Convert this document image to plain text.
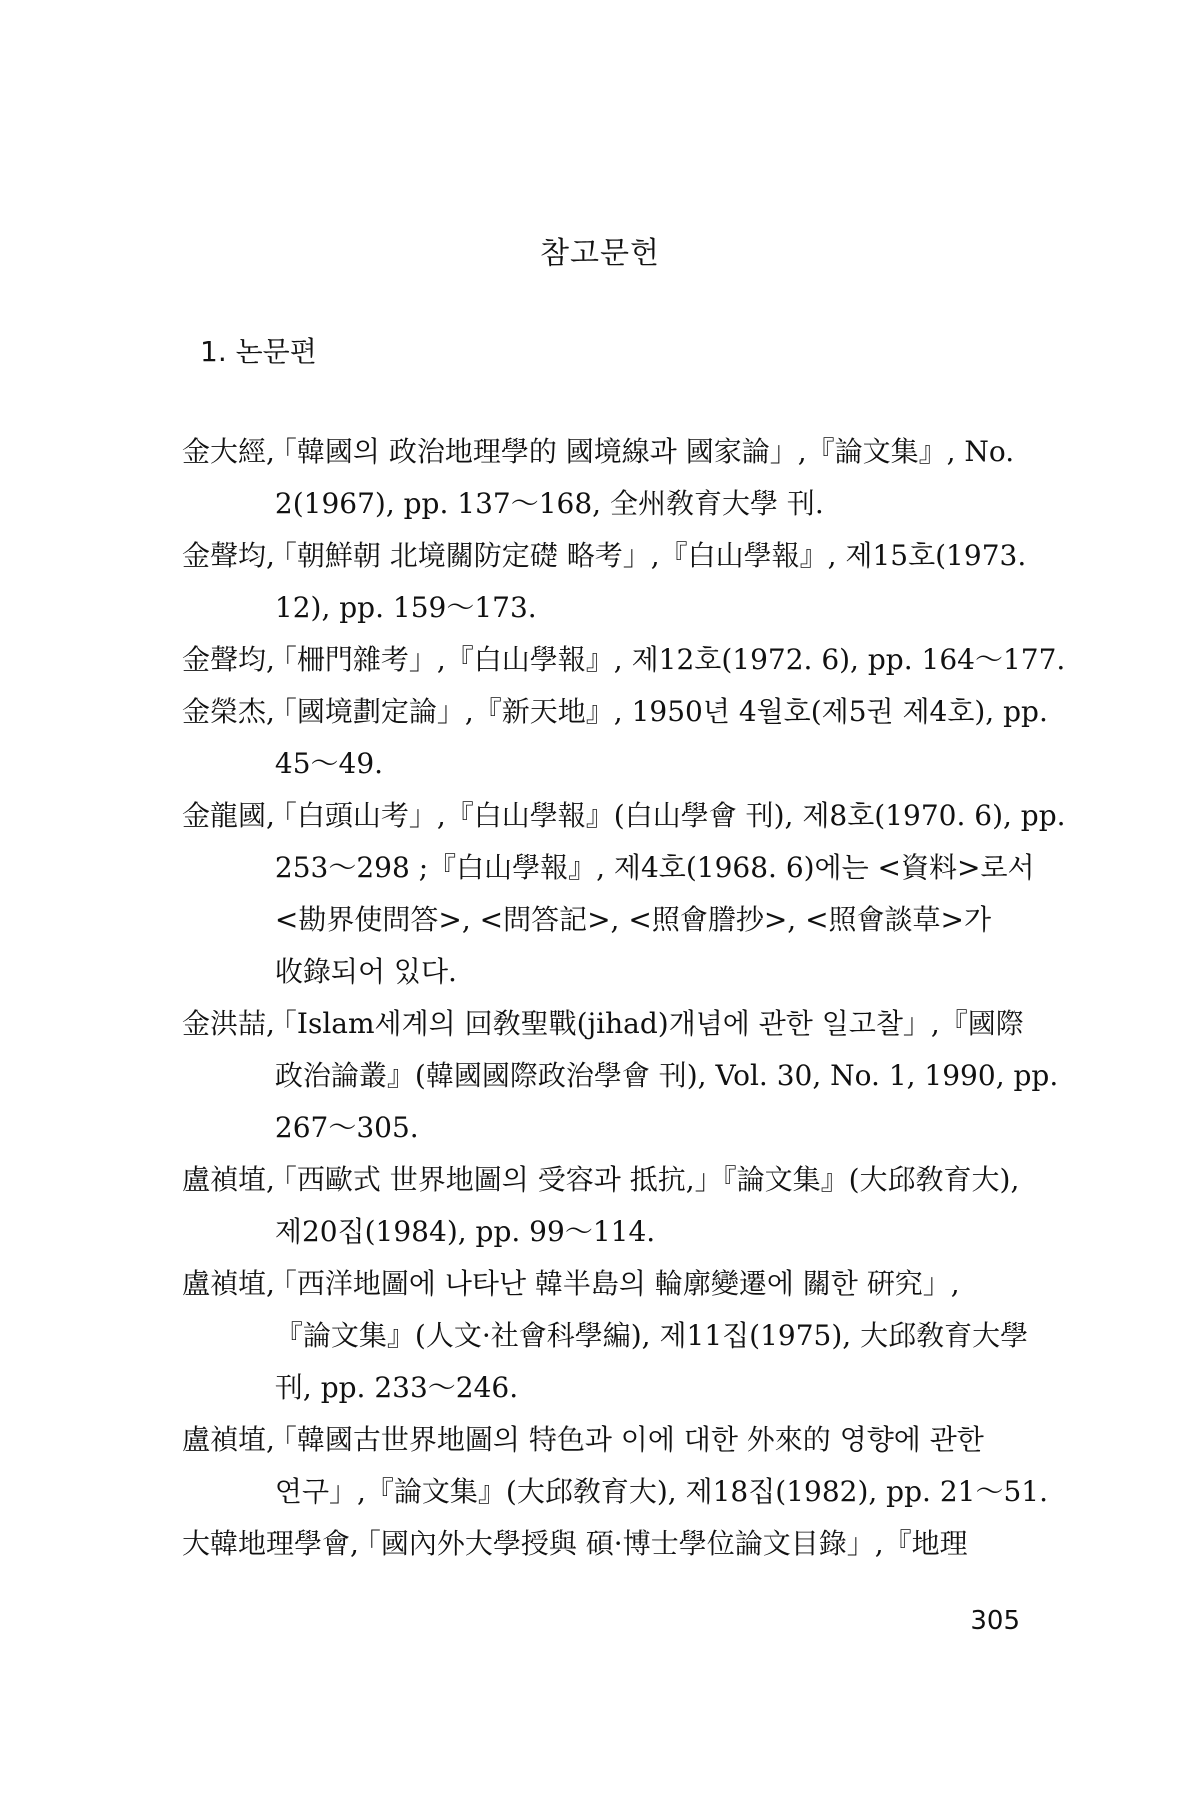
참고문헌
1. 논문편
金大經,
「韓國의 政治地理學的 國境線과 國家論」,『論文集』, No.
2(1967), pp. 137～168, 全州敎育大學 刊.
金聲均,
「朝鮮朝 北境關防定礎 略考」,『白山學報』, 제15호(1973.
12), pp. 159～173.
金聲均,
「柵門雜考」,『白山學報』, 제12호(1972. 6), pp. 164～177.
金榮杰,
「國境劃定論」,『新天地』, 1950년 4월호(제5권 제4호), pp.
45～49.
金龍國,
「白頭山考」,『白山學報』(白山學會 刊), 제8호(1970. 6), pp.
253～298 ;『白山學報』, 제4호(1968. 6)에는 <資料>로서
<勘界使問答>, <問答記>, <照會謄抄>, <照會談草>가
收錄되어 있다.
金洪喆,
「Islam세계의 回敎聖戰(jihad)개념에 관한 일고찰」,『國際
政治論叢』(韓國國際政治學會 刊), Vol. 30, No. 1, 1990, pp.
267～305.
盧禎埴,
「西歐式 世界地圖의 受容과 抵抗,」『論文集』(大邱敎育大),
제20집(1984), pp. 99～114.
盧禎埴,
「西洋地圖에 나타난 韓半島의 輪廓變遷에 關한 硏究」,
『論文集』(人文·社會科學編), 제11집(1975), 大邱敎育大學
刊, pp. 233～246.
盧禎埴,
「韓國古世界地圖의 特色과 이에 대한 外來的 영향에 관한
연구」,『論文集』(大邱敎育大), 제18집(1982), pp. 21～51.
大韓地理學會,
「國內外大學授與 碩·博士學位論文目錄」,『地理
305
